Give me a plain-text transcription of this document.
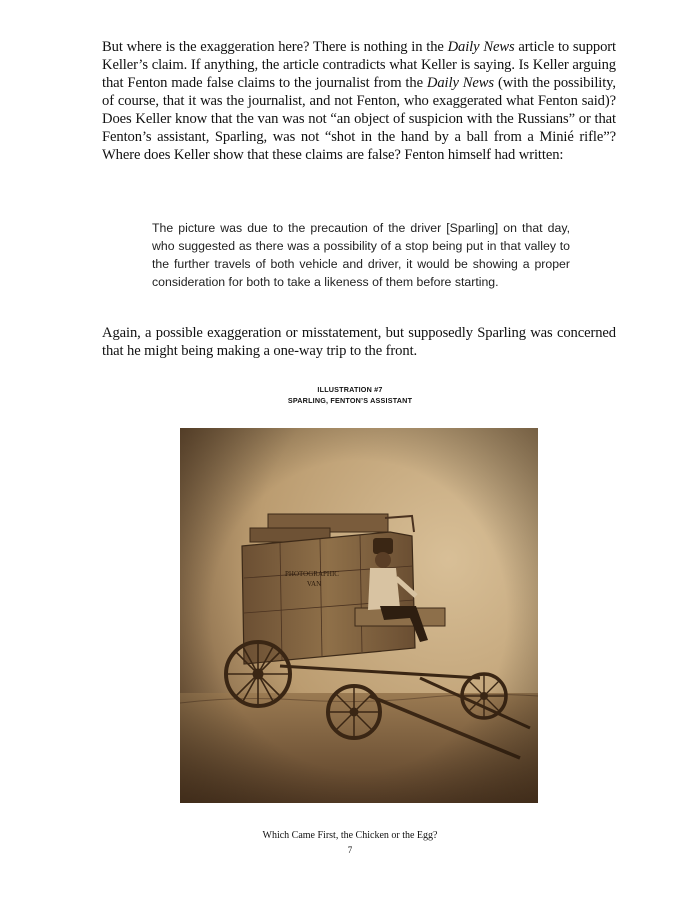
But where is the exaggeration here? There is nothing in the Daily News article to support Keller’s claim. If anything, the article contradicts what Keller is saying. Is Keller arguing that Fenton made false claims to the journalist from the Daily News (with the possibility, of course, that it was the journalist, and not Fenton, who exaggerated what Fenton said)? Does Keller know that the van was not “an object of suspicion with the Russians” or that Fenton’s assistant, Sparling, was not “shot in the hand by a ball from a Minié rifle”? Where does Keller show that these claims are false? Fenton himself had written:

The picture was due to the precaution of the driver [Sparling] on that day, who suggested as there was a possibility of a stop being put in that valley to the further travels of both vehicle and driver, it would be showing a proper consideration for both to take a likeness of them before starting.

Again, a possible exaggeration or misstatement, but supposedly Sparling was concerned that he might being making a one-way trip to the front.

ILLUSTRATION #7

SPARLING, FENTON’S ASSISTANT

Which Came First, the Chicken or the Egg?

7
